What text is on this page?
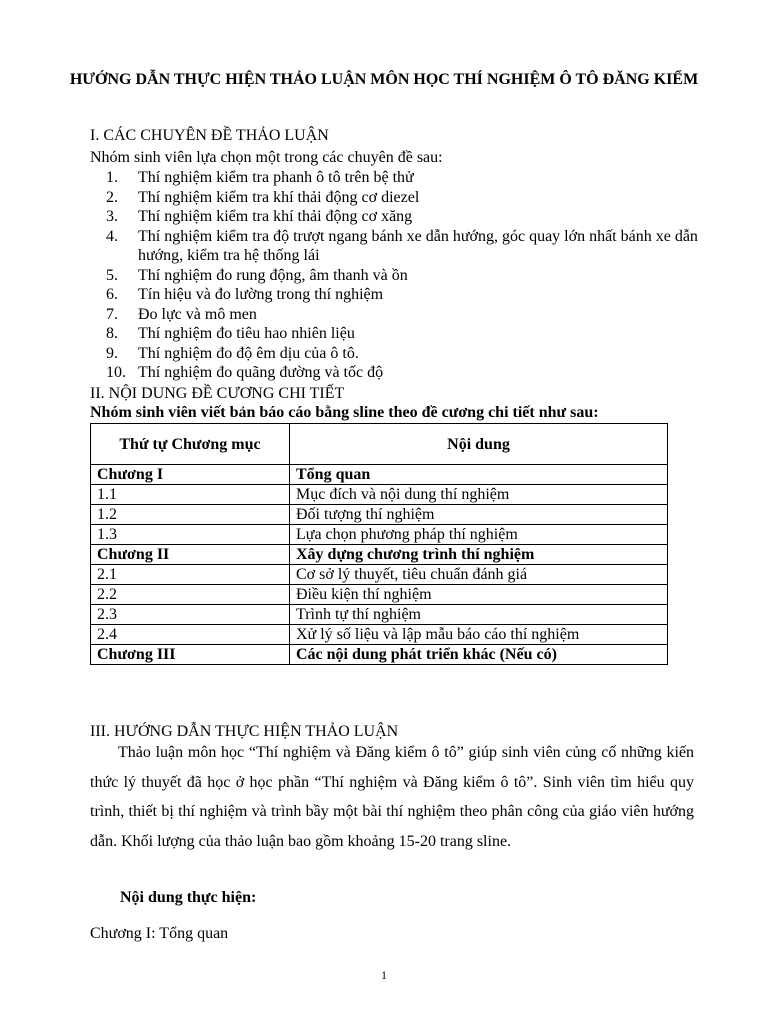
HƯỚNG DẪN THỰC HIỆN THẢO LUẬN MÔN HỌC THÍ NGHIỆM Ô TÔ ĐĂNG KIỂM
I. CÁC CHUYÊN ĐỀ THẢO LUẬN
Nhóm sinh viên lựa chọn một trong các chuyên đề sau:
1.	Thí nghiệm kiểm tra phanh ô tô trên bệ thử
2.	Thí nghiệm kiểm tra khí thải động cơ diezel
3.	Thí nghiệm kiểm tra khí thải động cơ xăng
4.	Thí nghiệm kiểm tra độ trượt ngang bánh xe dẫn hướng, góc quay lớn nhất bánh xe dẫn hướng, kiểm tra hệ thống lái
5.	Thí nghiệm đo rung động, âm thanh và ồn
6.	Tín hiệu và đo lường trong thí nghiệm
7.	Đo lực và mô men
8.	Thí nghiệm đo tiêu hao nhiên liệu
9.	Thí nghiệm đo độ êm dịu của ô tô.
10. Thí nghiệm đo quãng đường và tốc độ
II. NỘI DUNG ĐỀ CƯƠNG CHI TIẾT
Nhóm sinh viên viết bản báo cáo bằng sline theo đề cương chi tiết như sau:
Thứ tự Chương mục	Nội dung
Chương I	Tổng quan
1.1	Mục đích và nội dung thí nghiệm
1.2	Đối tượng thí nghiệm
1.3	Lựa chọn phương pháp thí nghiệm
Chương II	Xây dựng chương trình thí nghiệm
2.1	Cơ sở lý thuyết, tiêu chuẩn đánh giá
2.2	Điều kiện thí nghiệm
2.3	Trình tự thí nghiệm
2.4	Xử lý số liệu và lập mẫu báo cáo thí nghiệm
Chương III	Các nội dung phát triển khác (Nếu có)
III. HƯỚNG DẪN THỰC HIỆN THẢO LUẬN
Thảo luận môn học “Thí nghiệm và Đăng kiểm ô tô” giúp sinh viên củng cố những kiến thức lý thuyết đã học ở học phần “Thí nghiệm và Đăng kiểm ô tô”. Sinh viên tìm hiểu quy trình, thiết bị thí nghiệm và trình bầy một bài thí nghiệm theo phân công của giáo viên hướng dẫn. Khối lượng của thảo luận bao gồm khoảng 15-20 trang sline.
Nội dung thực hiện:
Chương I: Tổng quan
1
